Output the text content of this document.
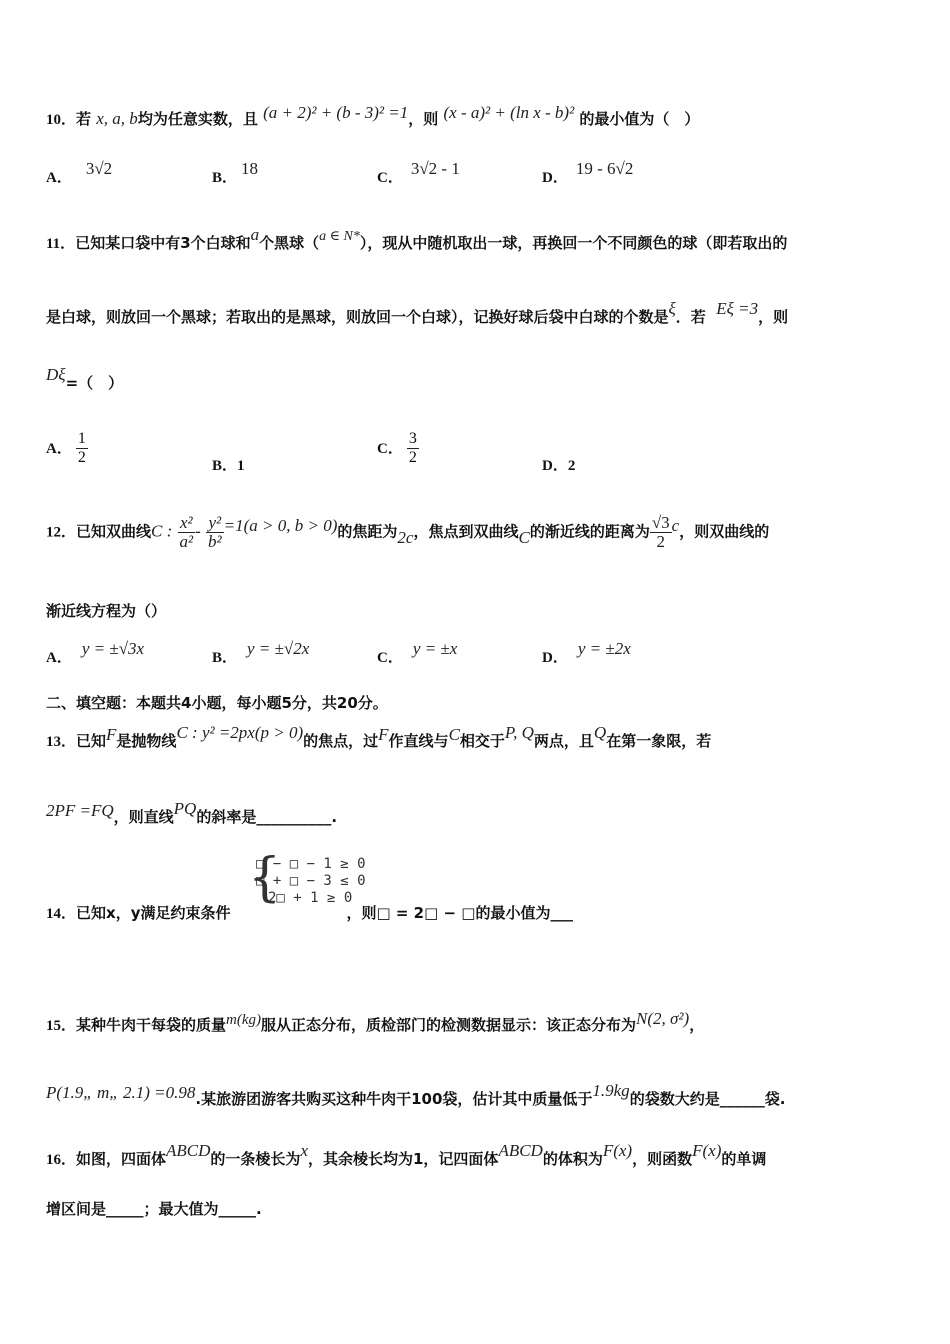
10．若 x, a, b均为任意实数，且 (a + 2)² + (b - 3)² =1，则 (x - a)² + (ln x - b)² 的最小值为（　）
A． 3√2	B． 18	C． 3√2 - 1	D． 19 - 6√2
11．已知某口袋中有3个白球和a个黑球（a ∈ N*），现从中随机取出一球，再换回一个不同颜色的球（即若取出的
是白球，则放回一个黑球；若取出的是黑球，则放回一个白球），记换好球后袋中白球的个数是ξ．若 Eξ =3，则
Dξ=（　）
A． $\frac{1}{2}$	B．1
C． $\frac{3}{2}$	D．2
12．已知双曲线C : $\frac{\text{x²}}{\text{a²}} - \frac{\text{y²}}{\text{b²}} =1(a > 0$, b > 0)的焦距为2c，焦点到双曲线C的渐近线的距离为 $\frac{√3}{2}$ c，则双曲线的
渐近线方程为（）
A． y = ±√3x	B． y = ±√2x	C． y = ±x	D． y = ±2x
二、填空题：本题共4小题，每小题5分，共20分。
13．已知F是抛物线C : y² =2px(p > 0)的焦点，过F作直线与C相交于P, Q两点，且Q在第一象限，若
2PF =FQ，则直线PQ的斜率是__________.
{
□ − □ − 1 ≥ 0
□ + □ − 3 ≤ 0
2□ + 1 ≥ 0
14．已知x，y满足约束条件	，则□ = 2□ − □的最小值为___
15．某种牛肉干每袋的质量m(kg)服从正态分布，质检部门的检测数据显示：该正态分布为N(2, σ²)，
P(1.9„ m„ 2.1) =0.98.某旅游团游客共购买这种牛肉干100袋，估计其中质量低于1.9kg的袋数大约是______袋.
16．如图，四面体ABCD的一条棱长为x，其余棱长均为1，记四面体ABCD的体积为F(x)，则函数F(x)的单调
增区间是_____；最大值为_____.
